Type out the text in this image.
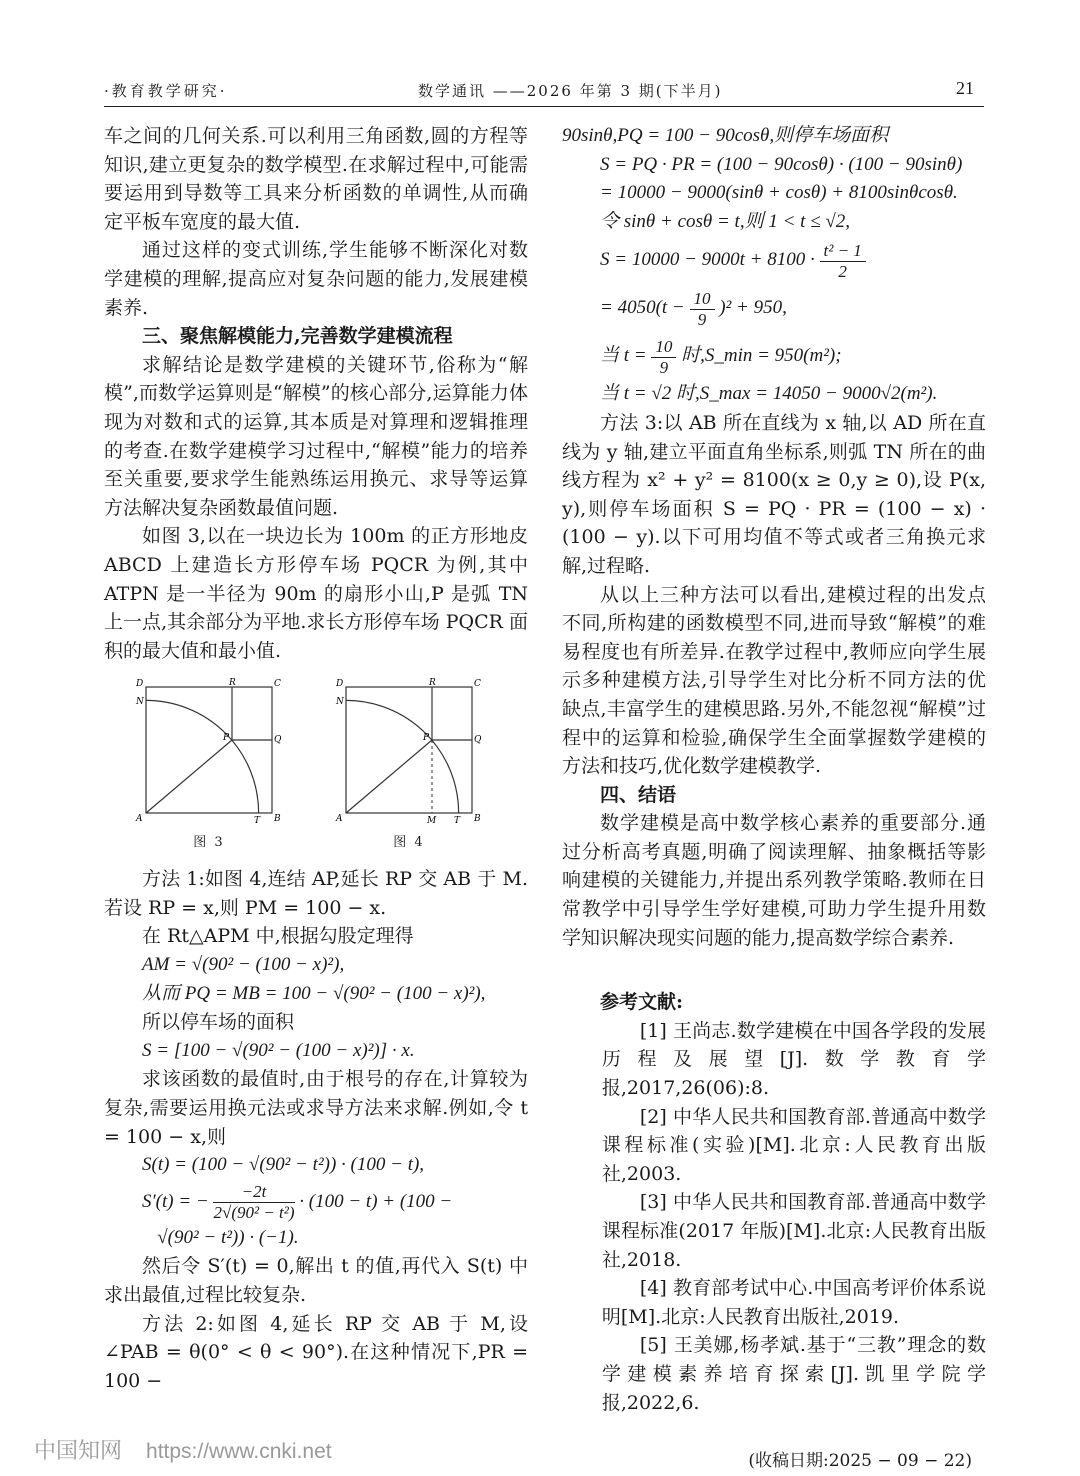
·教育教学研究·	数学通讯 ——2026 年第 3 期(下半月)	21

车之间的几何关系.可以利用三角函数,圆的方程等知识,建立更复杂的数学模型.在求解过程中,可能需要运用到导数等工具来分析函数的单调性,从而确定平板车宽度的最大值.

通过这样的变式训练,学生能够不断深化对数学建模的理解,提高应对复杂问题的能力,发展建模素养.

三、聚焦解模能力,完善数学建模流程

求解结论是数学建模的关键环节,俗称为“解模”,而数学运算则是“解模”的核心部分,运算能力体现为对数和式的运算,其本质是对算理和逻辑推理的考查.在数学建模学习过程中,“解模”能力的培养至关重要,要求学生能熟练运用换元、求导等运算方法解决复杂函数最值问题.

如图 3,以在一块边长为 100m 的正方形地皮 ABCD 上建造长方形停车场 PQCR 为例,其中 ATPN 是一半径为 90m 的扇形小山,P 是弧 TN 上一点,其余部分为平地.求长方形停车场 PQCR 面积的最大值和最小值.

D
N
R	C
P	Q
A	T B
图 3
D
N
R	C
P	Q
A	M T B
图 4

方法 1:如图 4,连结 AP,延长 RP 交 AB 于 M.若设 RP = x,则 PM = 100 − x.

在 Rt△APM 中,根据勾股定理得

AM = √(90² − (100 − x)²),

从而 PQ = MB = 100 − √(90² − (100 − x)²),

所以停车场的面积

S = [100 − √(90² − (100 − x)²)] · x.

求该函数的最值时,由于根号的存在,计算较为复杂,需要运用换元法或求导方法来求解.例如,令 t = 100 − x,则

S(t) = (100 − √(90² − t²)) · (100 − t),

S′(t) = − $\frac{-2t}{\text{2√(90² − t²)}} \cdot (100 - t) + (100$ −

√(90² − t²)) · (−1).

然后令 S′(t) = 0,解出 t 的值,再代入 S(t) 中求出最值,过程比较复杂.

方法 2:如图 4,延长 RP 交 AB 于 M,设 ∠PAB = θ(0° < θ < 90°).在这种情况下,PR = 100 −

90sinθ,PQ = 100 − 90cosθ,则停车场面积

S = PQ · PR = (100 − 90cosθ) · (100 − 90sinθ)

= 10000 − 9000(sinθ + cosθ) + 8100sinθcosθ.

令 sinθ + cosθ = t,则 1 < t ≤ √2,

$S = 10000 - 9000t + 8100 \cdot \frac{\text{t² − 1}}{2}$

= $4050(t - \frac{10}{9} )^2 + 950$,

当 $t = \frac{10}{9}$ 时,S_min = 950(m²);

当 t = √2 时,S_max = 14050 − 9000√2(m²).

方法 3:以 AB 所在直线为 x 轴,以 AD 所在直线为 y 轴,建立平面直角坐标系,则弧 TN 所在的曲线方程为 x² + y² = 8100(x ≥ 0,y ≥ 0),设 P(x, y),则停车场面积 S = PQ · PR = (100 − x) · (100 − y).以下可用均值不等式或者三角换元求解,过程略.

从以上三种方法可以看出,建模过程的出发点不同,所构建的函数模型不同,进而导致“解模”的难易程度也有所差异.在教学过程中,教师应向学生展示多种建模方法,引导学生对比分析不同方法的优缺点,丰富学生的建模思路.另外,不能忽视“解模”过程中的运算和检验,确保学生全面掌握数学建模的方法和技巧,优化数学建模教学.

四、结语

数学建模是高中数学核心素养的重要部分.通过分析高考真题,明确了阅读理解、抽象概括等影响建模的关键能力,并提出系列教学策略.教师在日常教学中引导学生学好建模,可助力学生提升用数学知识解决现实问题的能力,提高数学综合素养.

参考文献:

[1] 王尚志.数学建模在中国各学段的发展历程及展望[J].数学教育学报,2017,26(06):8.

[2] 中华人民共和国教育部.普通高中数学课程标准(实验)[M].北京:人民教育出版社,2003.

[3] 中华人民共和国教育部.普通高中数学课程标准(2017 年版)[M].北京:人民教育出版社,2018.

[4] 教育部考试中心.中国高考评价体系说明[M].北京:人民教育出版社,2019.

[5] 王美娜,杨孝斌.基于“三教”理念的数学建模素养培育探索[J].凯里学院学报,2022,6.

(收稿日期:2025 − 09 − 22)
中国知网 https://www.cnki.net
